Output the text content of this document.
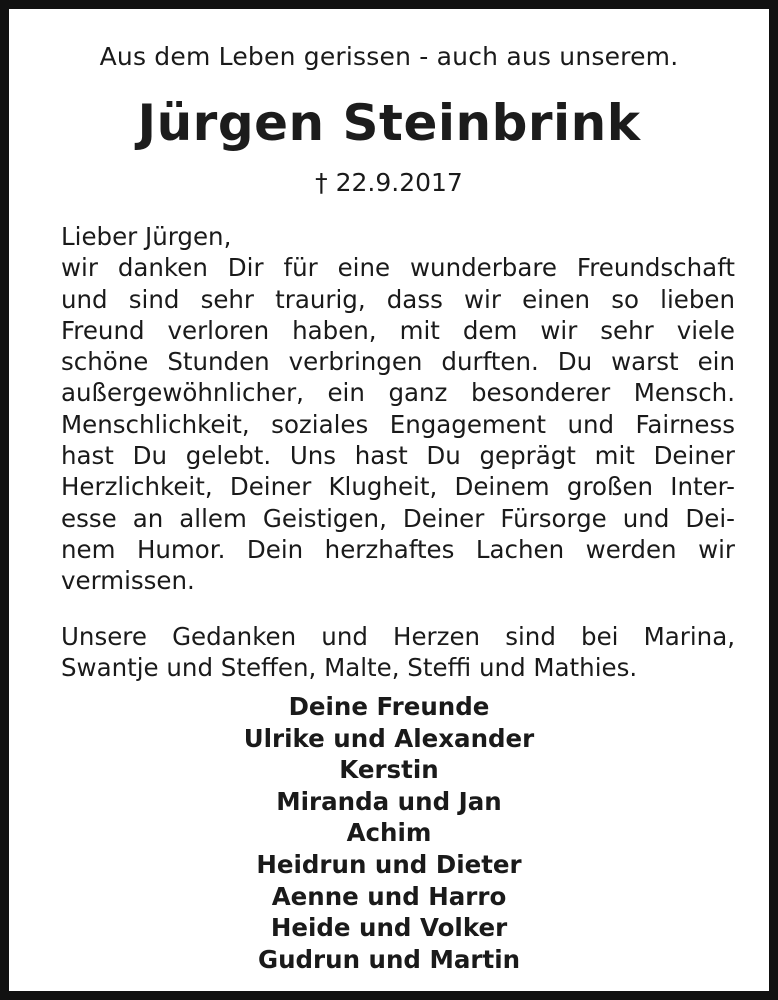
Aus dem Leben gerissen - auch aus unserem.
Jürgen Steinbrink
† 22.9.2017
Lieber Jürgen,
wir danken Dir für eine wunderbare Freundschaft
und sind sehr traurig, dass wir einen so lieben
Freund verloren haben, mit dem wir sehr viele
schöne Stunden verbringen durften. Du warst ein
außergewöhnlicher, ein ganz besonderer Mensch.
Menschlichkeit, soziales Engagement und Fairness
hast Du gelebt. Uns hast Du geprägt mit Deiner
Herzlichkeit, Deiner Klugheit, Deinem großen Inter-
esse an allem Geistigen, Deiner Fürsorge und Dei-
nem Humor. Dein herzhaftes Lachen werden wir
vermissen.
Unsere Gedanken und Herzen sind bei Marina,
Swantje und Steffen, Malte, Steffi und Mathies.
Deine Freunde
Ulrike und Alexander
Kerstin
Miranda und Jan
Achim
Heidrun und Dieter
Aenne und Harro
Heide und Volker
Gudrun und Martin
